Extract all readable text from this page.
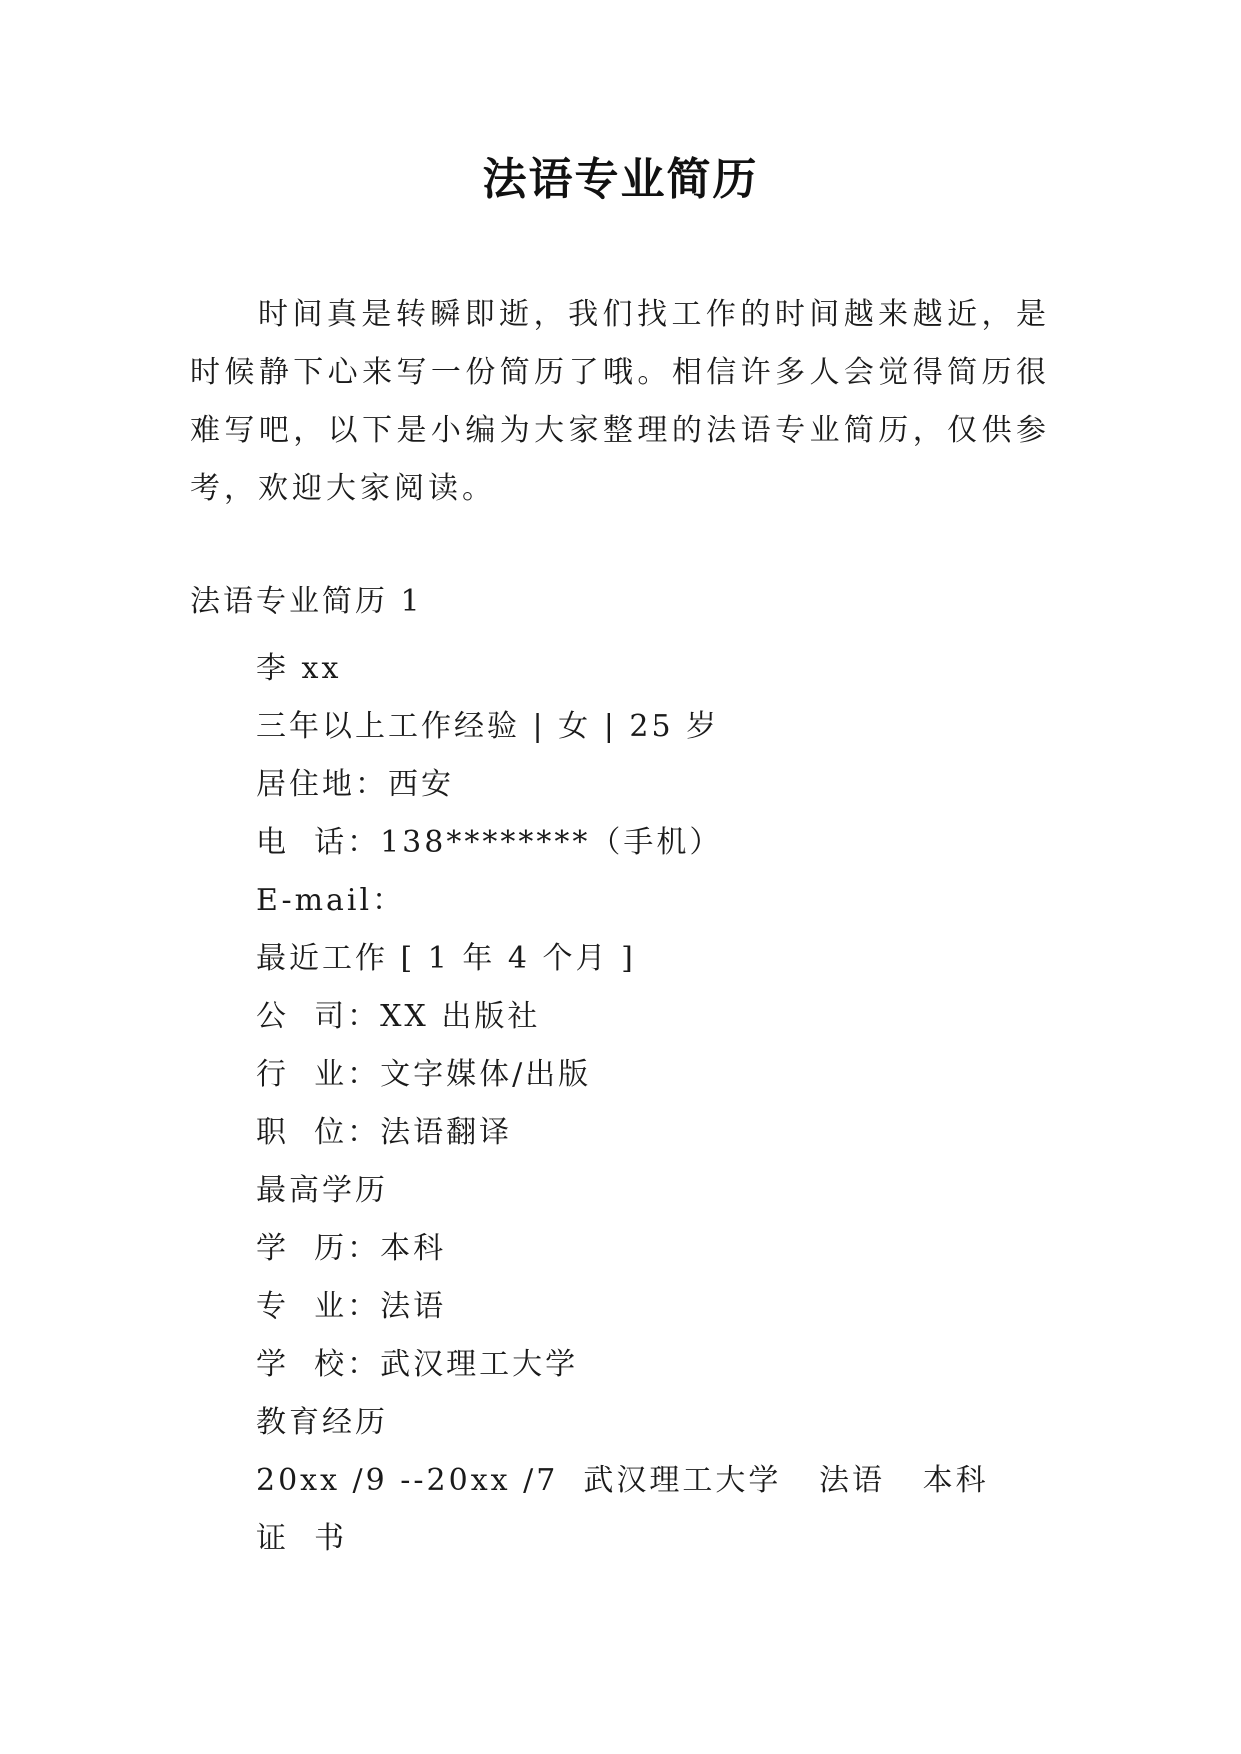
法语专业简历

时间真是转瞬即逝，我们找工作的时间越来越近，是时候静下心来写一份简历了哦。相信许多人会觉得简历很难写吧，以下是小编为大家整理的法语专业简历，仅供参考，欢迎大家阅读。

法语专业简历 1

李 xx
三年以上工作经验 | 女 | 25 岁
居住地：西安
电  话：138********（手机）
E-mail：
最近工作 [ 1 年 4 个月 ]
公  司：XX 出版社
行  业：文字媒体/出版
职  位：法语翻译
最高学历
学  历：本科
专  业：法语
学  校：武汉理工大学
教育经历
20xx /9 --20xx /7  武汉理工大学   法语   本科
证  书
